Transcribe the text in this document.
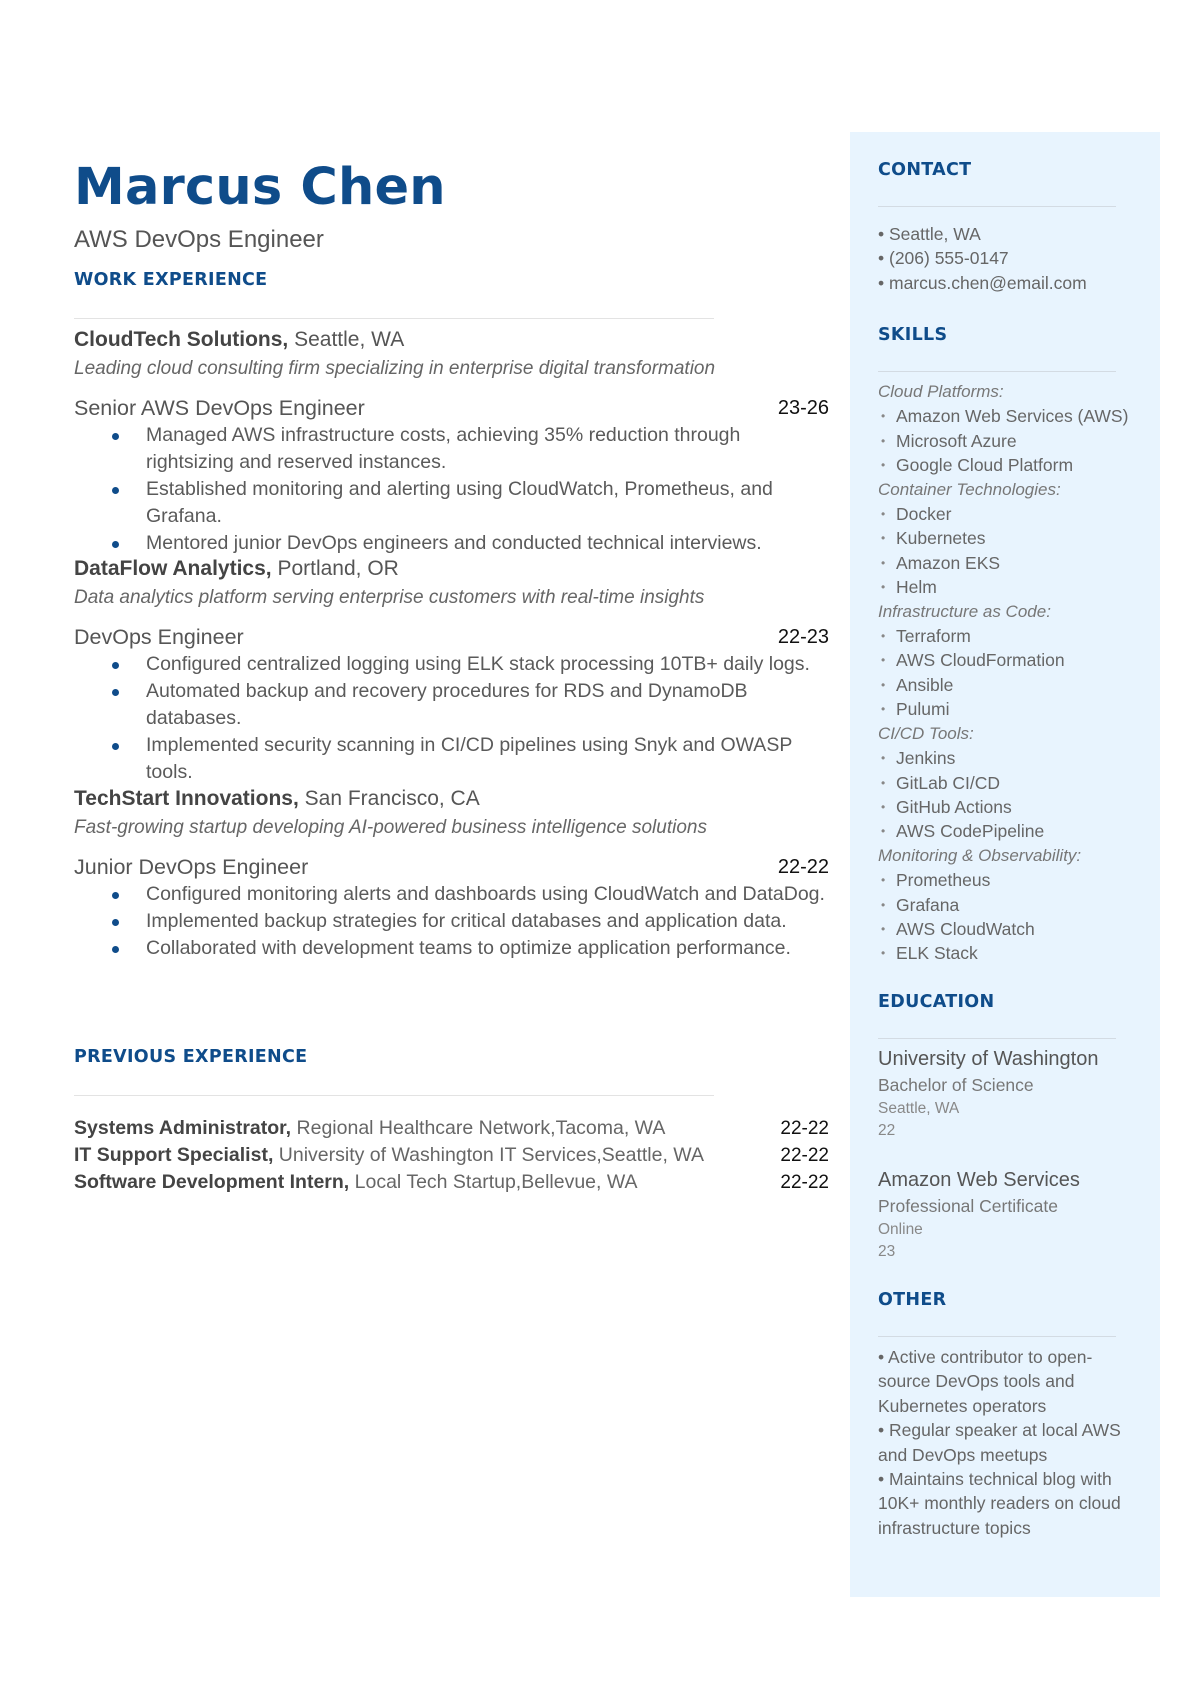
Marcus Chen
AWS DevOps Engineer
WORK EXPERIENCE
CloudTech Solutions, Seattle, WA
Leading cloud consulting firm specializing in enterprise digital transformation
Senior AWS DevOps Engineer	23-26
Managed AWS infrastructure costs, achieving 35% reduction through rightsizing and reserved instances.
Established monitoring and alerting using CloudWatch, Prometheus, and Grafana.
Mentored junior DevOps engineers and conducted technical interviews.
DataFlow Analytics, Portland, OR
Data analytics platform serving enterprise customers with real-time insights
DevOps Engineer	22-23
Configured centralized logging using ELK stack processing 10TB+ daily logs.
Automated backup and recovery procedures for RDS and DynamoDB databases.
Implemented security scanning in CI/CD pipelines using Snyk and OWASP tools.
TechStart Innovations, San Francisco, CA
Fast-growing startup developing AI-powered business intelligence solutions
Junior DevOps Engineer	22-22
Configured monitoring alerts and dashboards using CloudWatch and DataDog.
Implemented backup strategies for critical databases and application data.
Collaborated with development teams to optimize application performance.
PREVIOUS EXPERIENCE
Systems Administrator, Regional Healthcare Network,Tacoma, WA	22-22
IT Support Specialist, University of Washington IT Services,Seattle, WA	22-22
Software Development Intern, Local Tech Startup,Bellevue, WA	22-22
CONTACT
• Seattle, WA
• (206) 555-0147
• marcus.chen@email.com
SKILLS
Cloud Platforms:
• Amazon Web Services (AWS)
• Microsoft Azure
• Google Cloud Platform
Container Technologies:
• Docker
• Kubernetes
• Amazon EKS
• Helm
Infrastructure as Code:
• Terraform
• AWS CloudFormation
• Ansible
• Pulumi
CI/CD Tools:
• Jenkins
• GitLab CI/CD
• GitHub Actions
• AWS CodePipeline
Monitoring & Observability:
• Prometheus
• Grafana
• AWS CloudWatch
• ELK Stack
EDUCATION
University of Washington
Bachelor of Science
Seattle, WA
22
Amazon Web Services
Professional Certificate
Online
23
OTHER
• Active contributor to open-source DevOps tools and Kubernetes operators
• Regular speaker at local AWS and DevOps meetups
• Maintains technical blog with 10K+ monthly readers on cloud infrastructure topics
